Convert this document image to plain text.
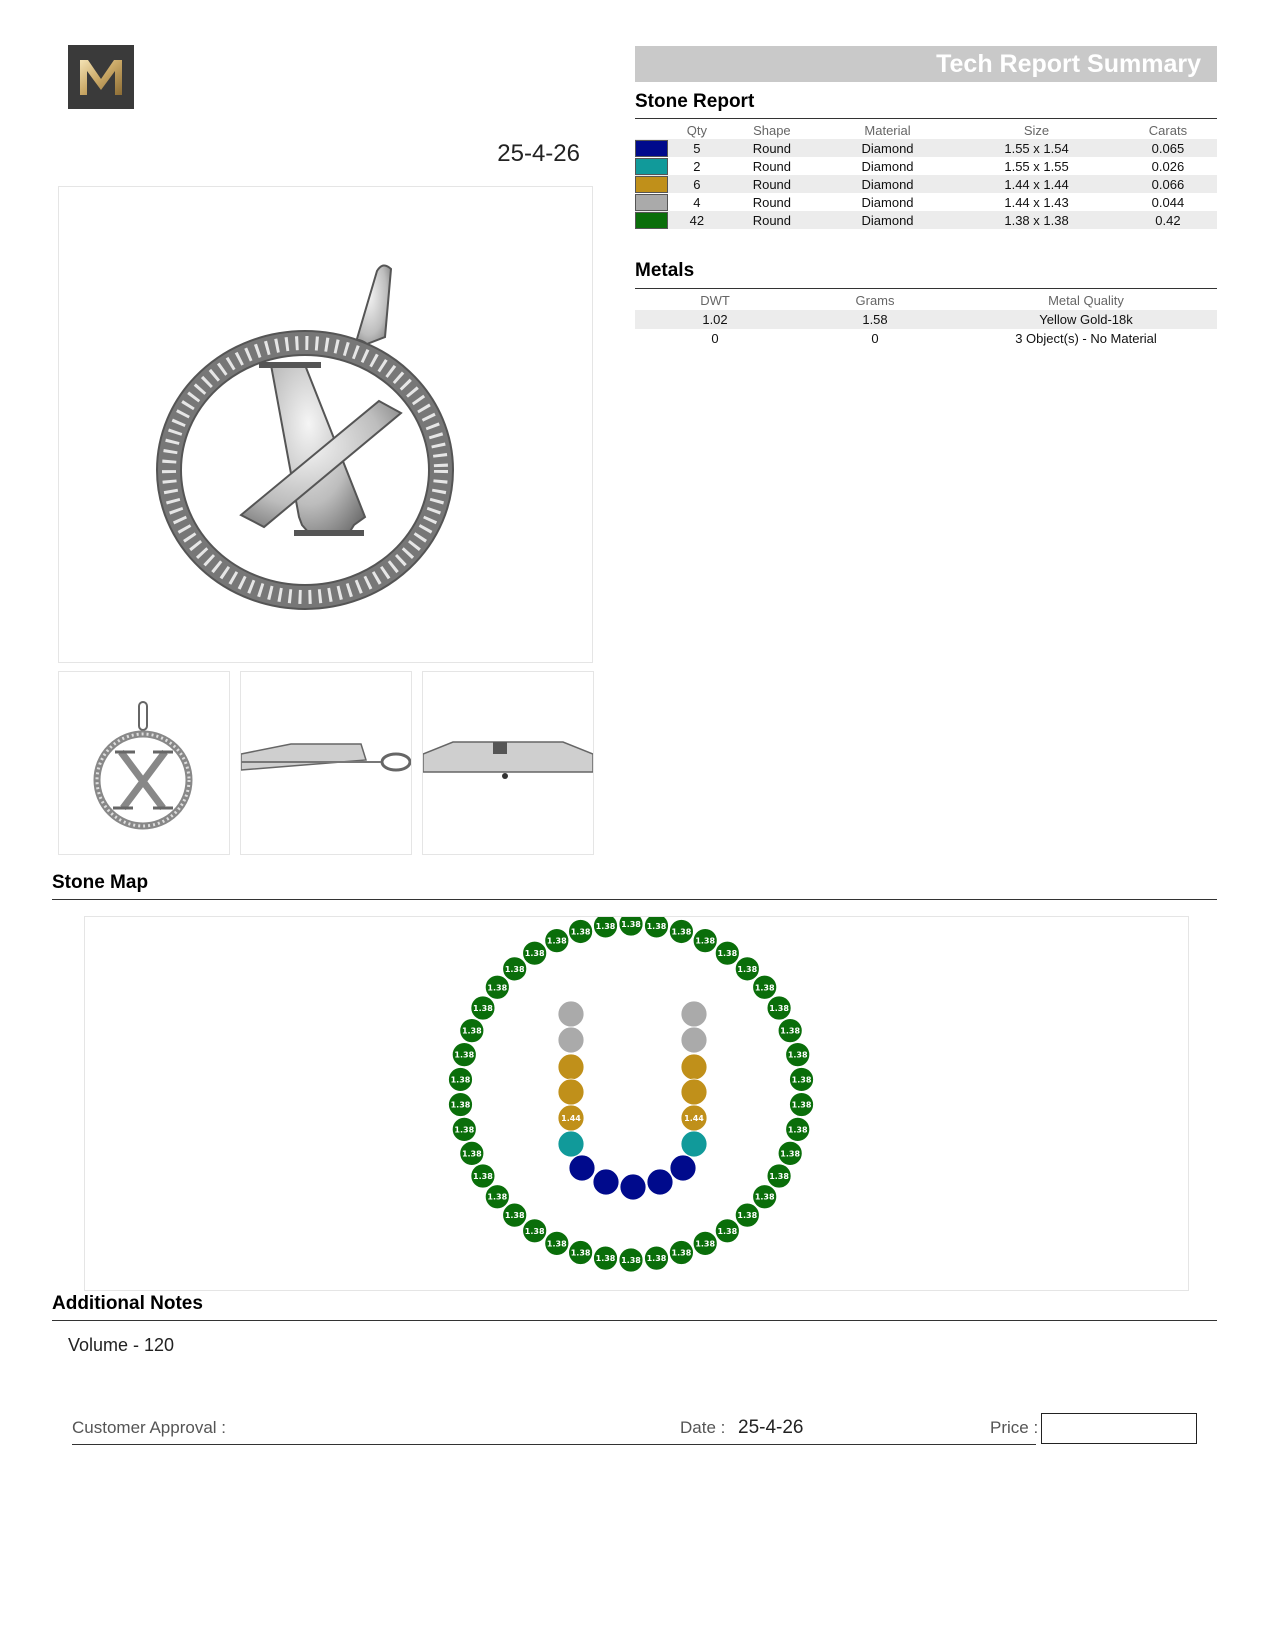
25-4-26
Tech Report Summary
Stone Report
	Qty	Shape	Material	Size	Carats
	5	Round	Diamond	1.55 x 1.54	0.065
	2	Round	Diamond	1.55 x 1.55	0.026
	6	Round	Diamond	1.44 x 1.44	0.066
	4	Round	Diamond	1.44 x 1.43	0.044
	42	Round	Diamond	1.38 x 1.38	0.42
Metals
DWT	Grams	Metal Quality
1.02	1.58	Yellow Gold-18k
0	0	3 Object(s) - No Material
Stone Map
1.38 1.38
1.38
1.38
1.38
1.38
1.38
1.38
1.38
1.38
1.38
1.38
1.38
1.38
1.38
1.38
1.38
1.38
1.38
1.38
1.38
1.38
1.38
1.38
1.38
1.38
1.38
1.38
1.38
1.38
1.38
1.38
1.38
1.38
1.38
1.38
1.38
1.38
1.38
1.38
1.38
1.38
1.44	1.44
Additional Notes
Volume - 120
Customer Approval :	Date : 25-4-26	Price :
